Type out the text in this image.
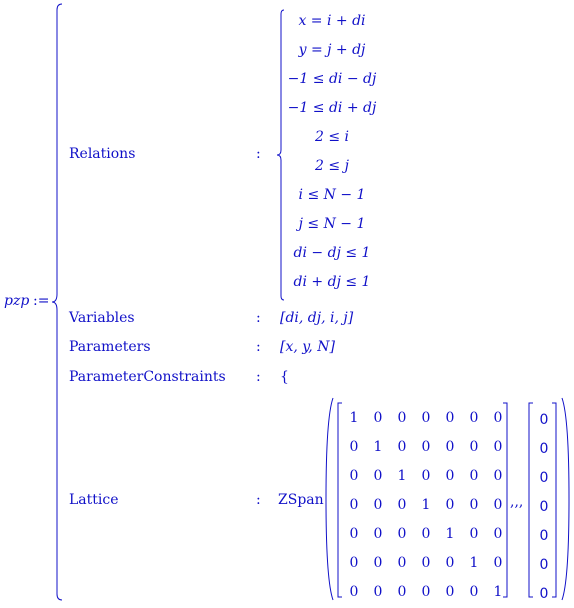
pzp :=
Relations	:
x = i + di
y = j + dj
−1 ≤ di − dj
−1 ≤ di + dj
2 ≤ i
2 ≤ j
i ≤ N − 1
j ≤ N − 1
di − dj ≤ 1
di + dj ≤ 1
Variables	: [di, dj, i, j]
Parameters	: [x, y, N]
ParameterConstraints : {
Lattice	: ZSpan
1	0	0	0	0	0	0
0	1	0	0	0	0	0
0	0	1	0	0	0	0
0	0	0	1	0	0	0
0	0	0	0	1	0	0
0	0	0	0	0	1	0
0	0	0	0	0	0	1
,,,
0
0
0
0
0
0
0
